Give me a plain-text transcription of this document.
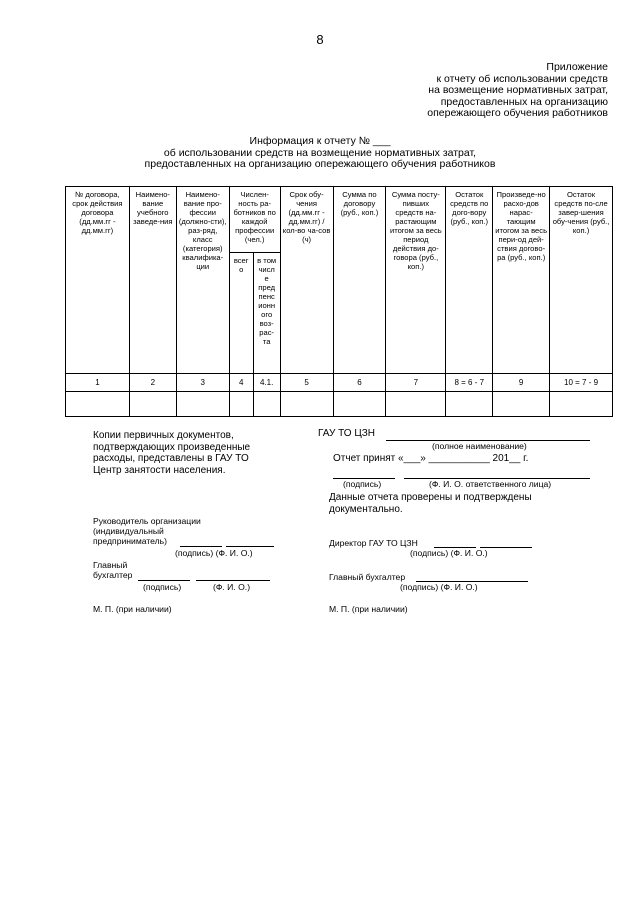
8
Приложение
к отчету об использовании средств
на возмещение нормативных затрат,
предоставленных на организацию
опережающего обучения работников
Информация к отчету № ___
об использовании средств на возмещение нормативных затрат,
предоставленных на организацию опережающего обучения работников
№ договора, срок действия договора (дд.мм.гг - дд.мм.гг)	Наимено-вание учебного заведе-ния	Наимено-вание про-фессии (должно-сти), раз-ряд, класс (категория) квалифика-ции	Числен-ность ра-ботников по каждой профессии (чел.)		Срок обу-чения (дд.мм.гг - дд.мм.гг) / кол-во ча-сов (ч)	Сумма по договору (руб., коп.)	Сумма посту-пивших средств на-растающим итогом за весь период действия до-говора (руб., коп.)	Остаток средств по дого-вору (руб., коп.)	Произведе-но расхо-дов нарас-тающим итогом за весь пери-од дей-ствия догово-ра (руб., коп.)	Остаток средств по-сле завер-шения обу-чения (руб., коп.)
			всег о	в том числ е пред пенс ионн ого воз-рас-та						
1	2	3	4	4.1.	5	6	7	8 = 6 - 7	9	10 = 7 - 9

Копии первичных документов,
подтверждающих произведенные
расходы, представлены в ГАУ ТО
Центр занятости населения.
Руководитель организации
(индивидуальный
предприниматель)
(подпись) (Ф. И. О.)
Главный
бухгалтер
(подпись)	(Ф. И. О.)
М. П. (при наличии)
ГАУ ТО ЦЗН
(полное наименование)
Отчет принят «___» ___________ 201__ г.
(подпись)	(Ф. И. О. ответственного лица)
Данные отчета проверены и подтверждены
документально.
Директор ГАУ ТО ЦЗН
(подпись) (Ф. И. О.)
Главный бухгалтер
(подпись) (Ф. И. О.)
М. П. (при наличии)
